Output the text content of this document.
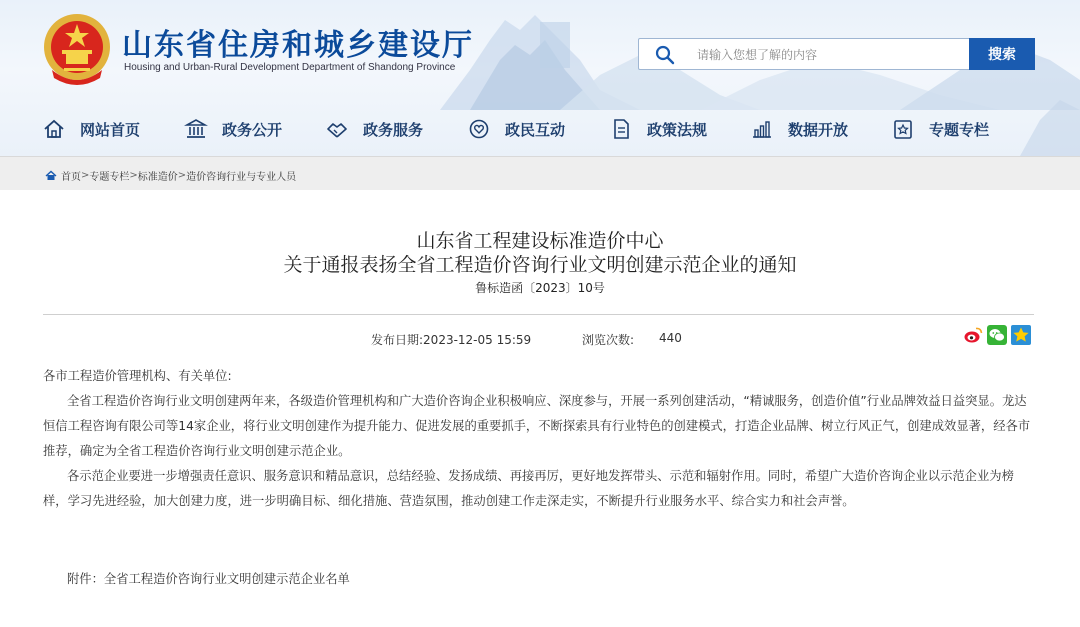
山东省住房和城乡建设厅
Housing and Urban-Rural Development Department of Shandong Province
请输入您想了解的内容
搜索
网站首页	政务公开	政务服务	政民互动	政策法规	数据开放	专题专栏
首页 > 专题专栏 > 标准造价 > 造价咨询行业与专业人员
山东省工程建设标准造价中心
关于通报表扬全省工程造价咨询行业文明创建示范企业的通知
鲁标造函〔2023〕10号
发布日期:2023-12-05 15:59	浏览次数: 440

各市工程造价管理机构、有关单位:

全省工程造价咨询行业文明创建两年来，各级造价管理机构和广大造价咨询企业积极响应、深度参与，开展一系列创建活动，“精诚服务，创造价值”行业品牌效益日益突显。龙达恒信工程咨询有限公司等14家企业，将行业文明创建作为提升能力、促进发展的重要抓手，不断探索具有行业特色的创建模式，打造企业品牌、树立行风正气，创建成效显著，经各市推荐，确定为全省工程造价咨询行业文明创建示范企业。

各示范企业要进一步增强责任意识、服务意识和精品意识，总结经验、发扬成绩、再接再厉，更好地发挥带头、示范和辐射作用。同时，希望广大造价咨询企业以示范企业为榜样，学习先进经验，加大创建力度，进一步明确目标、细化措施、营造氛围，推动创建工作走深走实，不断提升行业服务水平、综合实力和社会声誉。

附件：全省工程造价咨询行业文明创建示范企业名单
